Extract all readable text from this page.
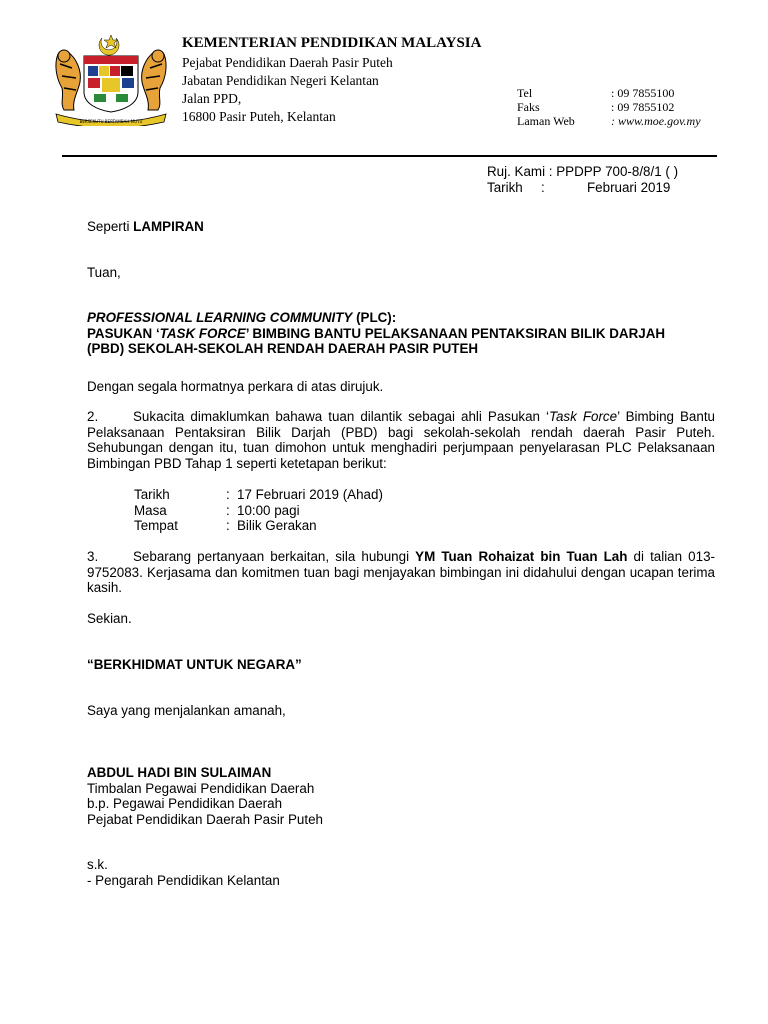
BERSEKUTU BERTAMBAH MUTU
KEMENTERIAN PENDIDIKAN MALAYSIA
Pejabat Pendidikan Daerah Pasir Puteh
Jabatan Pendidikan Negeri Kelantan
Jalan PPD,
16800 Pasir Puteh, Kelantan
Tel	: 09 7855100
Faks	: 09 7855102
Laman Web	: www.moe.gov.my
Ruj. Kami : PPDPP 700-8/8/1 ( )
Tarikh :	Februari 2019
Seperti LAMPIRAN
Tuan,
PROFESSIONAL LEARNING COMMUNITY (PLC):
PASUKAN ‘TASK FORCE’ BIMBING BANTU PELAKSANAAN PENTAKSIRAN BILIK DARJAH
(PBD) SEKOLAH-SEKOLAH RENDAH DAERAH PASIR PUTEH
Dengan segala hormatnya perkara di atas dirujuk.
2.	Sukacita dimaklumkan bahawa tuan dilantik sebagai ahli Pasukan ‘Task Force’ Bimbing Bantu Pelaksanaan Pentaksiran Bilik Darjah (PBD) bagi sekolah-sekolah rendah daerah Pasir Puteh. Sehubungan dengan itu, tuan dimohon untuk menghadiri perjumpaan penyelarasan PLC Pelaksanaan Bimbingan PBD Tahap 1 seperti ketetapan berikut:
Tarikh	: 17 Februari 2019 (Ahad)
Masa	: 10:00 pagi
Tempat	: Bilik Gerakan
3.	Sebarang pertanyaan berkaitan, sila hubungi YM Tuan Rohaizat bin Tuan Lah di talian 013-9752083. Kerjasama dan komitmen tuan bagi menjayakan bimbingan ini didahului dengan ucapan terima kasih.
Sekian.
“BERKHIDMAT UNTUK NEGARA”
Saya yang menjalankan amanah,
ABDUL HADI BIN SULAIMAN
Timbalan Pegawai Pendidikan Daerah
b.p. Pegawai Pendidikan Daerah
Pejabat Pendidikan Daerah Pasir Puteh
s.k.
- Pengarah Pendidikan Kelantan
